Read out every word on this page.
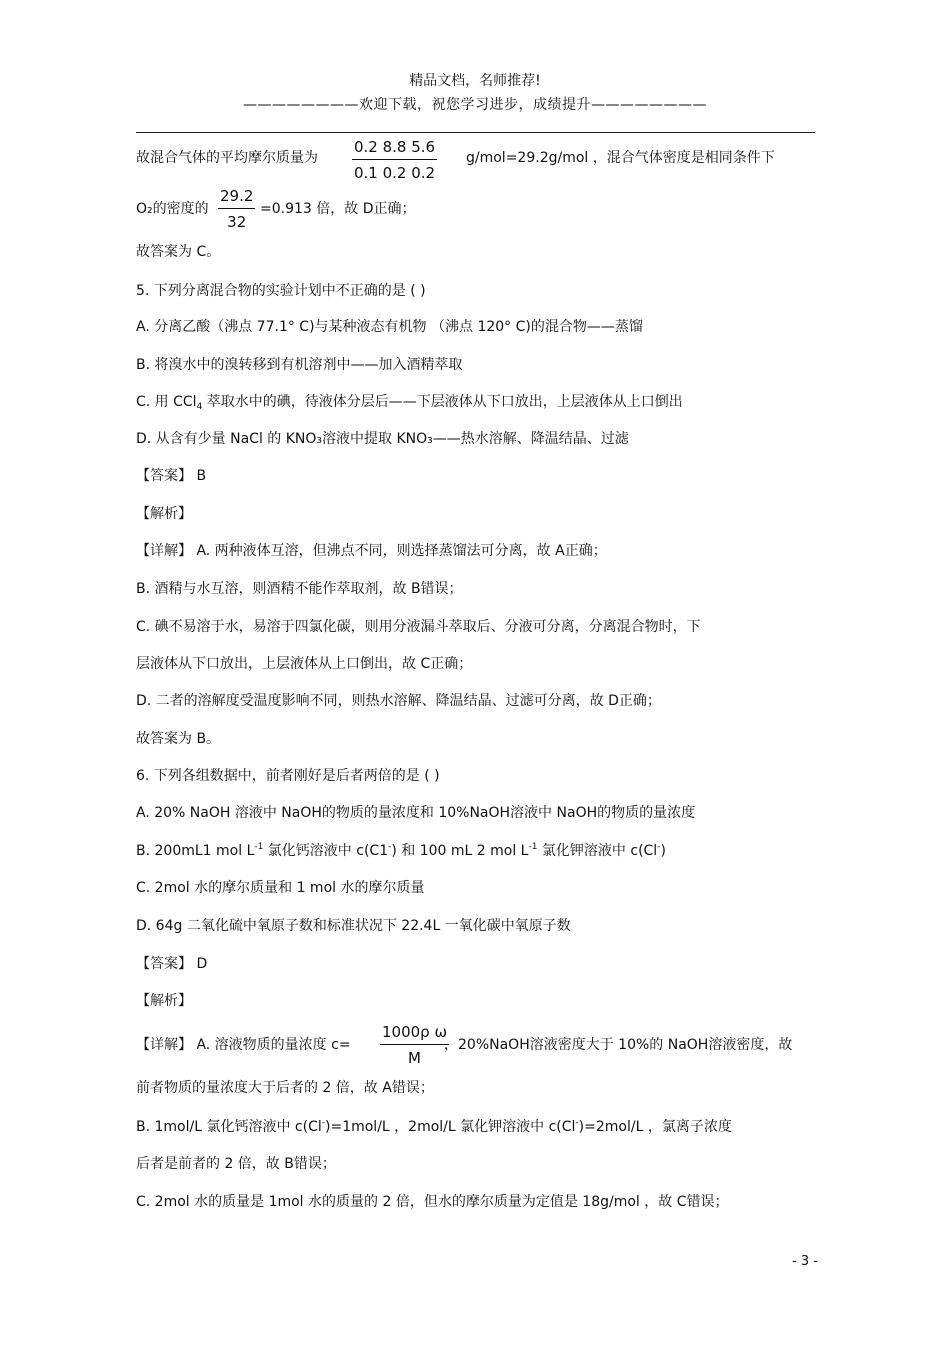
精品文档，名师推荐!
————————欢迎下载，祝您学习进步，成绩提升————————
故混合气体的平均摩尔质量为
0.2 8.8 5.6
0.1 0.2 0.2
g/mol=29.2g/mol ，混合气体密度是相同条件下
O₂的密度的
29.2
32
=0.913 倍，故 D正确；
故答案为 C。
5. 下列分离混合物的实验计划中不正确的是 ( )
A. 分离乙酸（沸点 77.1° C)与某种液态有机物 （沸点 120° C)的混合物——蒸馏
B. 将溴水中的溴转移到有机溶剂中——加入酒精萃取
C. 用 CCl$_4$ 萃取水中的碘，待液体分层后——下层液体从下口放出，上层液体从上口倒出
D. 从含有少量 NaCl 的 KNO₃溶液中提取 KNO₃——热水溶解、降温结晶、过滤
【答案】 B
【解析】
【详解】 A. 两种液体互溶，但沸点不同，则选择蒸馏法可分离，故 A正确；
B. 酒精与水互溶，则酒精不能作萃取剂，故 B错误；
C. 碘不易溶于水，易溶于四氯化碳，则用分液漏斗萃取后、分液可分离，分离混合物时，下
层液体从下口放出，上层液体从上口倒出，故 C正确；
D. 二者的溶解度受温度影响不同，则热水溶解、降温结晶、过滤可分离，故 D正确；
故答案为 B。
6. 下列各组数据中，前者刚好是后者两倍的是 ( )
A. 20% NaOH 溶液中 NaOH的物质的量浓度和 10%NaOH溶液中 NaOH的物质的量浓度
B. 200mL1 mol $L^{-1}$ 氯化钙溶液中 c(C1-) 和 100 mL 2 mol $L^{-1}$ 氯化钾溶液中 c(Cl-)
C. 2mol 水的摩尔质量和 1 mol 水的摩尔质量
D. 64g 二氧化硫中氧原子数和标准状况下 22.4L 一氧化碳中氧原子数
【答案】 D
【解析】
【详解】 A. 溶液物质的量浓度 c=
1000ρ ω
M
，20%NaOH溶液密度大于 10%的 NaOH溶液密度，故
前者物质的量浓度大于后者的 2 倍，故 A错误；
B. 1mol/L 氯化钙溶液中 c(Cl-)=1mol/L ，2mol/L 氯化钾溶液中 c(Cl-)=2mol/L ，氯离子浓度
后者是前者的 2 倍，故 B错误；
C. 2mol 水的质量是 1mol 水的质量的 2 倍，但水的摩尔质量为定值是 18g/mol ，故 C错误；
- 3 -
